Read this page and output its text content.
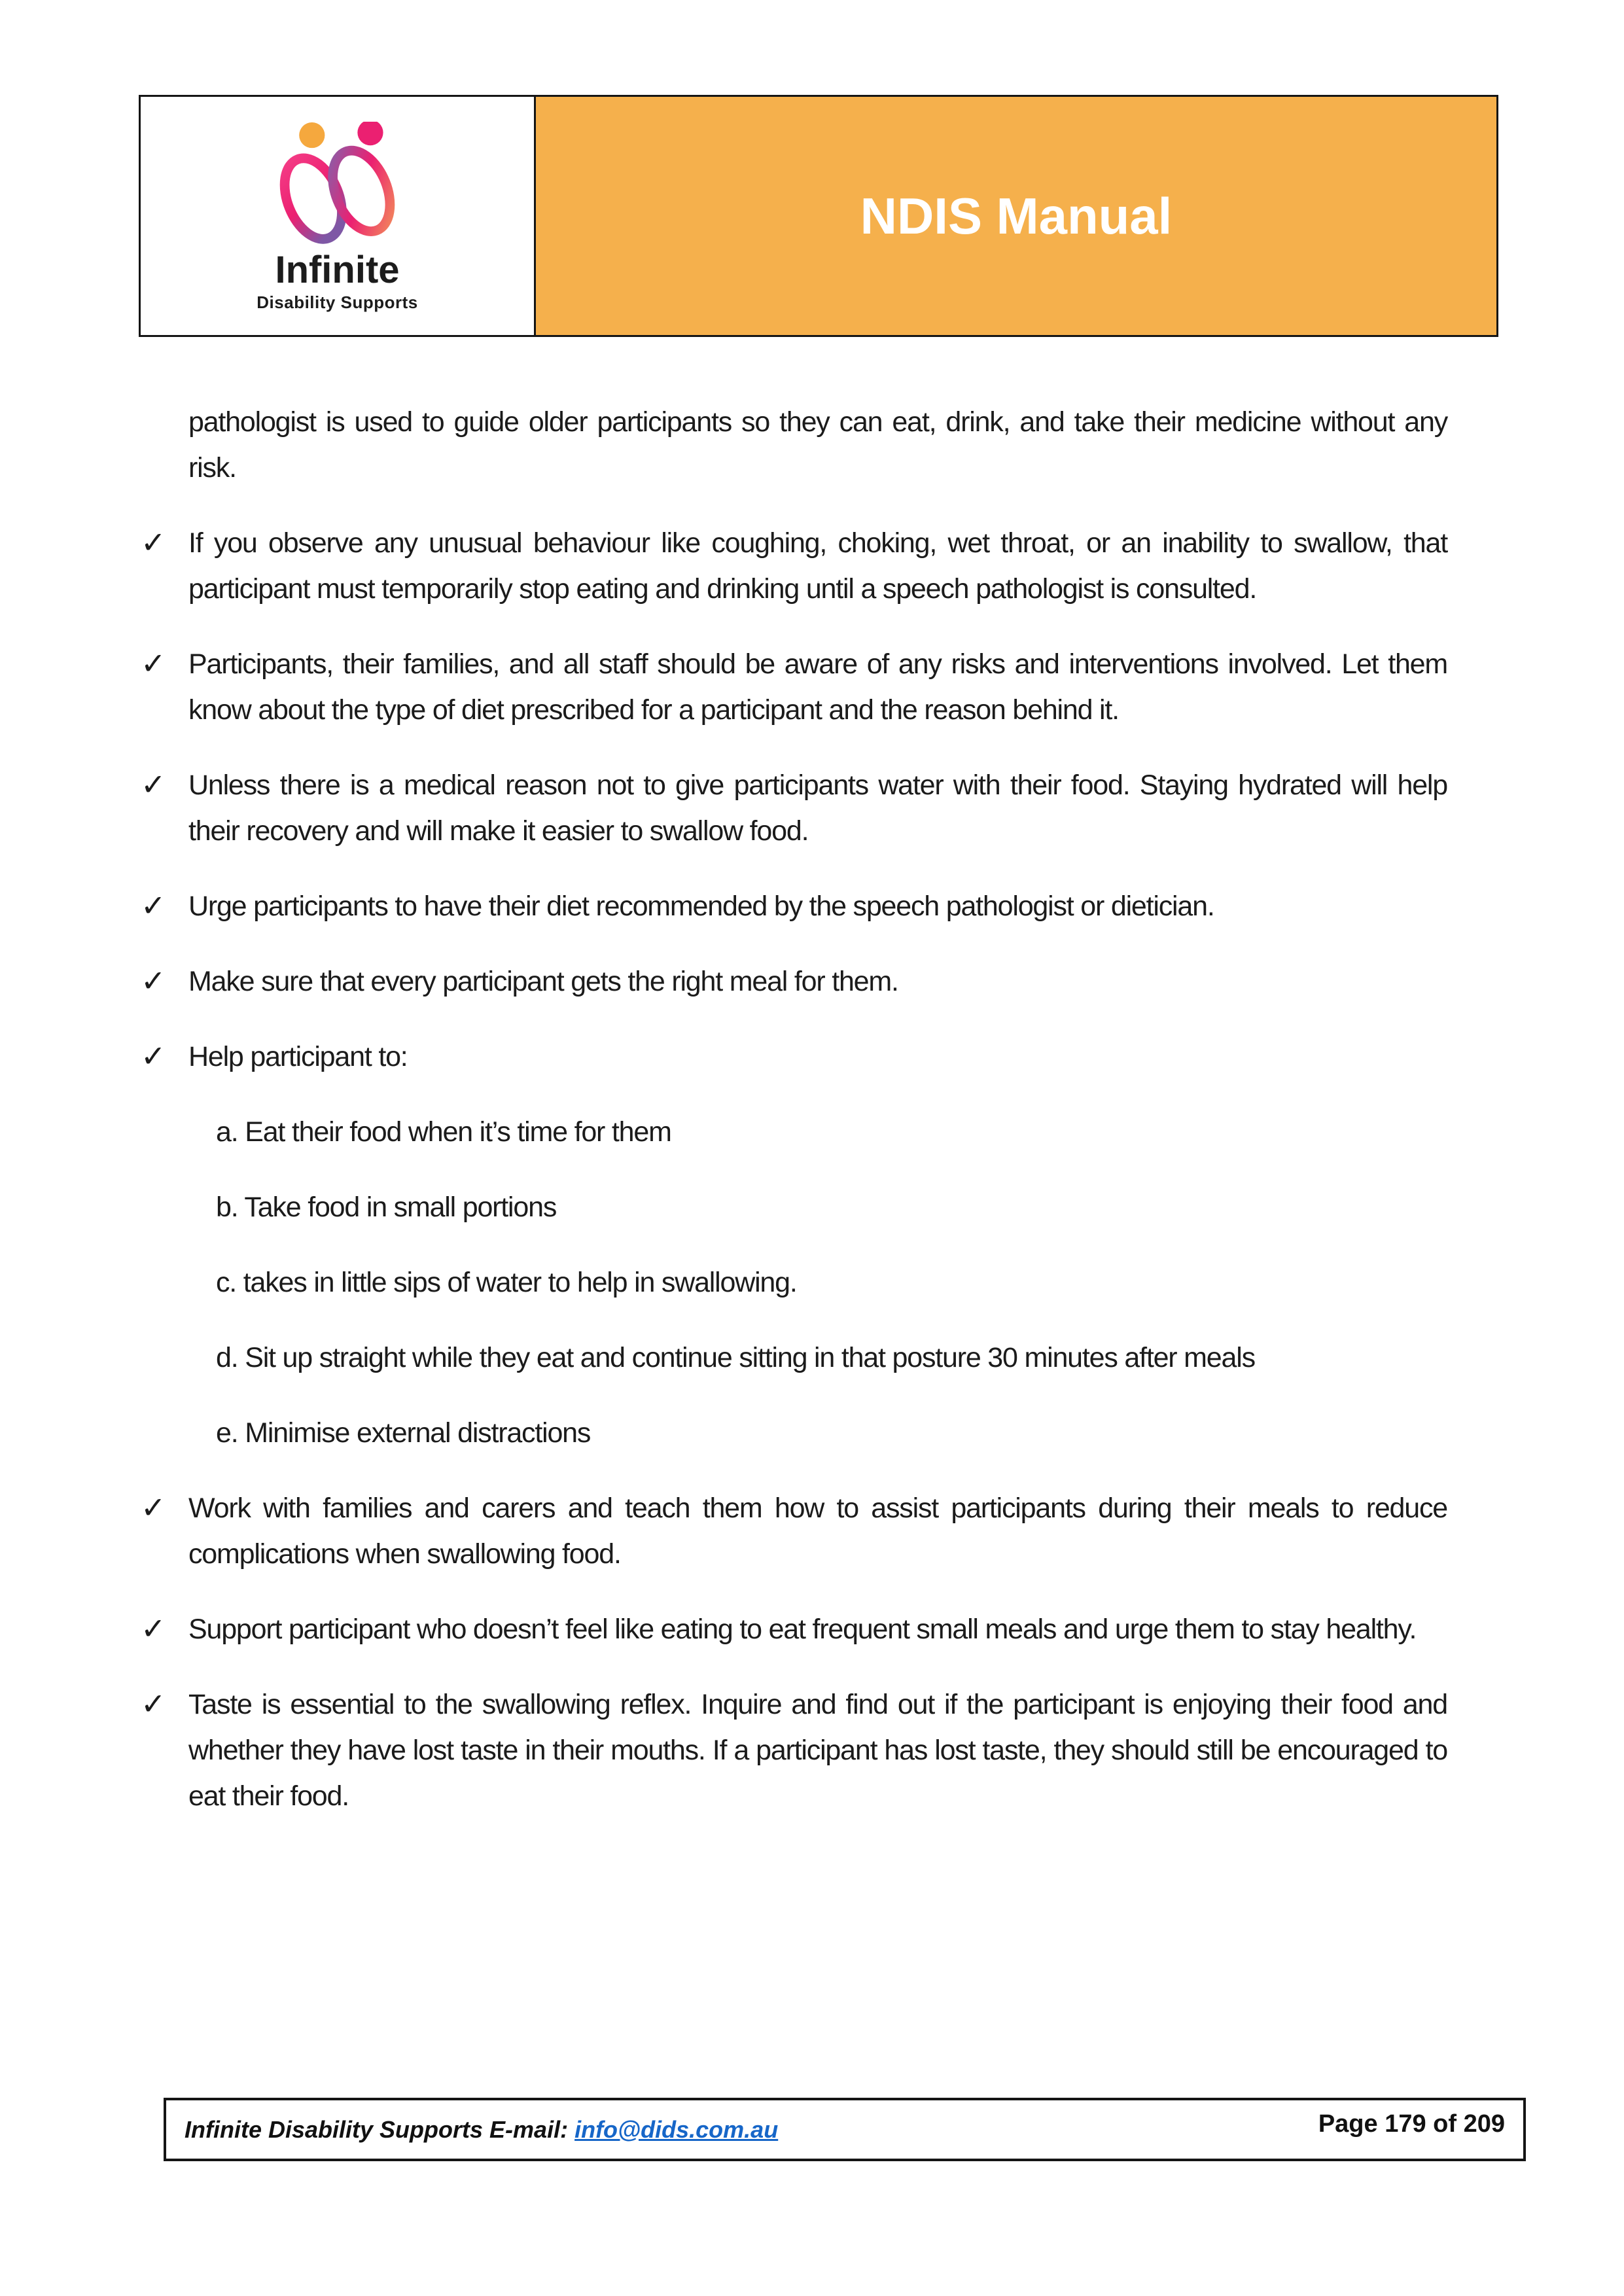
Infinite
Disability Supports
NDIS Manual
pathologist is used to guide older participants so they can eat, drink, and take their medicine without any risk.
✓ If you observe any unusual behaviour like coughing, choking, wet throat, or an inability to swallow, that participant must temporarily stop eating and drinking until a speech pathologist is consulted.
✓ Participants, their families, and all staff should be aware of any risks and interventions involved. Let them know about the type of diet prescribed for a participant and the reason behind it.
✓ Unless there is a medical reason not to give participants water with their food. Staying hydrated will help their recovery and will make it easier to swallow food.
✓ Urge participants to have their diet recommended by the speech pathologist or dietician.
✓ Make sure that every participant gets the right meal for them.
✓ Help participant to:
a. Eat their food when it’s time for them
b. Take food in small portions
c. takes in little sips of water to help in swallowing.
d. Sit up straight while they eat and continue sitting in that posture 30 minutes after meals
e. Minimise external distractions
✓ Work with families and carers and teach them how to assist participants during their meals to reduce complications when swallowing food.
✓ Support participant who doesn’t feel like eating to eat frequent small meals and urge them to stay healthy.
✓ Taste is essential to the swallowing reflex. Inquire and find out if the participant is enjoying their food and whether they have lost taste in their mouths. If a participant has lost taste, they should still be encouraged to eat their food.
Infinite Disability Supports E-mail: info@dids.com.au	Page 179 of 209
